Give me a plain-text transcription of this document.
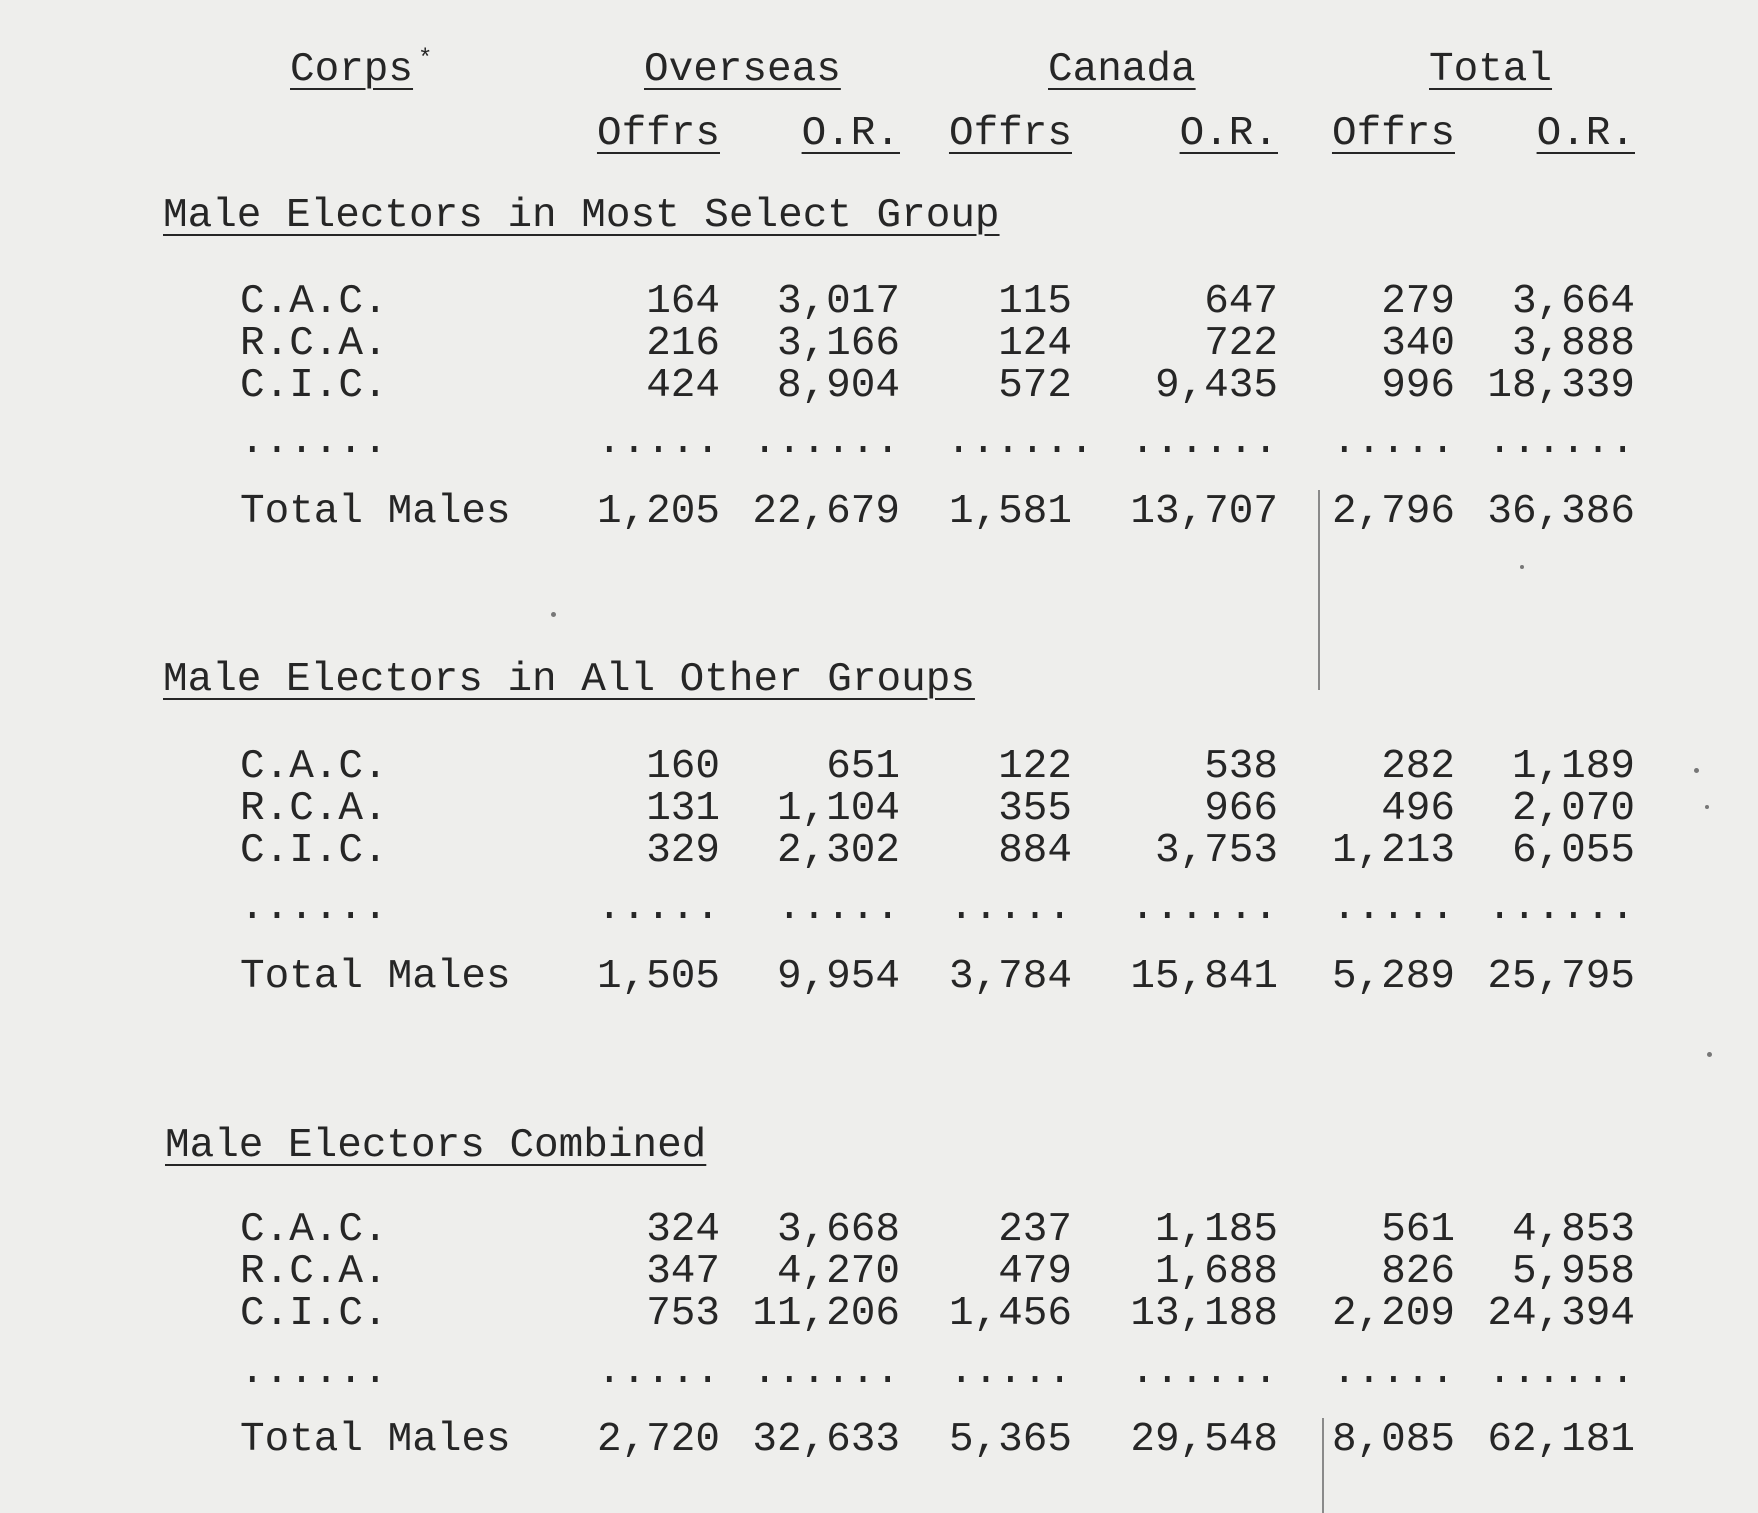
Corps *	Overseas	Canada	Total
Offrs	O.R.	Offrs	O.R.	Offrs	O.R.
Male Electors in Most Select Group
C.A.C.	164	3,017	115	647	279	3,664
R.C.A.	216	3,166	124	722	340	3,888
C.I.C.	424	8,904	572	9,435	996 18,339
......	..... ......	...... ......	..... ......
Total Males	1,205 22,679	1,581	13,707	2,796 36,386
Male Electors in All Other Groups
C.A.C.	160	651	122	538	282	1,189
R.C.A.	131	1,104	355	966	496	2,070
C.I.C.	329	2,302	884	3,753	1,213	6,055
......	.....	.....	.....	......	..... ......
Total Males	1,505	9,954	3,784	15,841	5,289 25,795
Male Electors Combined
C.A.C.	324	3,668	237	1,185	561	4,853
R.C.A.	347	4,270	479	1,688	826	5,958
C.I.C.	753 11,206	1,456	13,188	2,209 24,394
......	..... ......	.....	......	..... ......
Total Males	2,720 32,633	5,365	29,548	8,085 62,181
